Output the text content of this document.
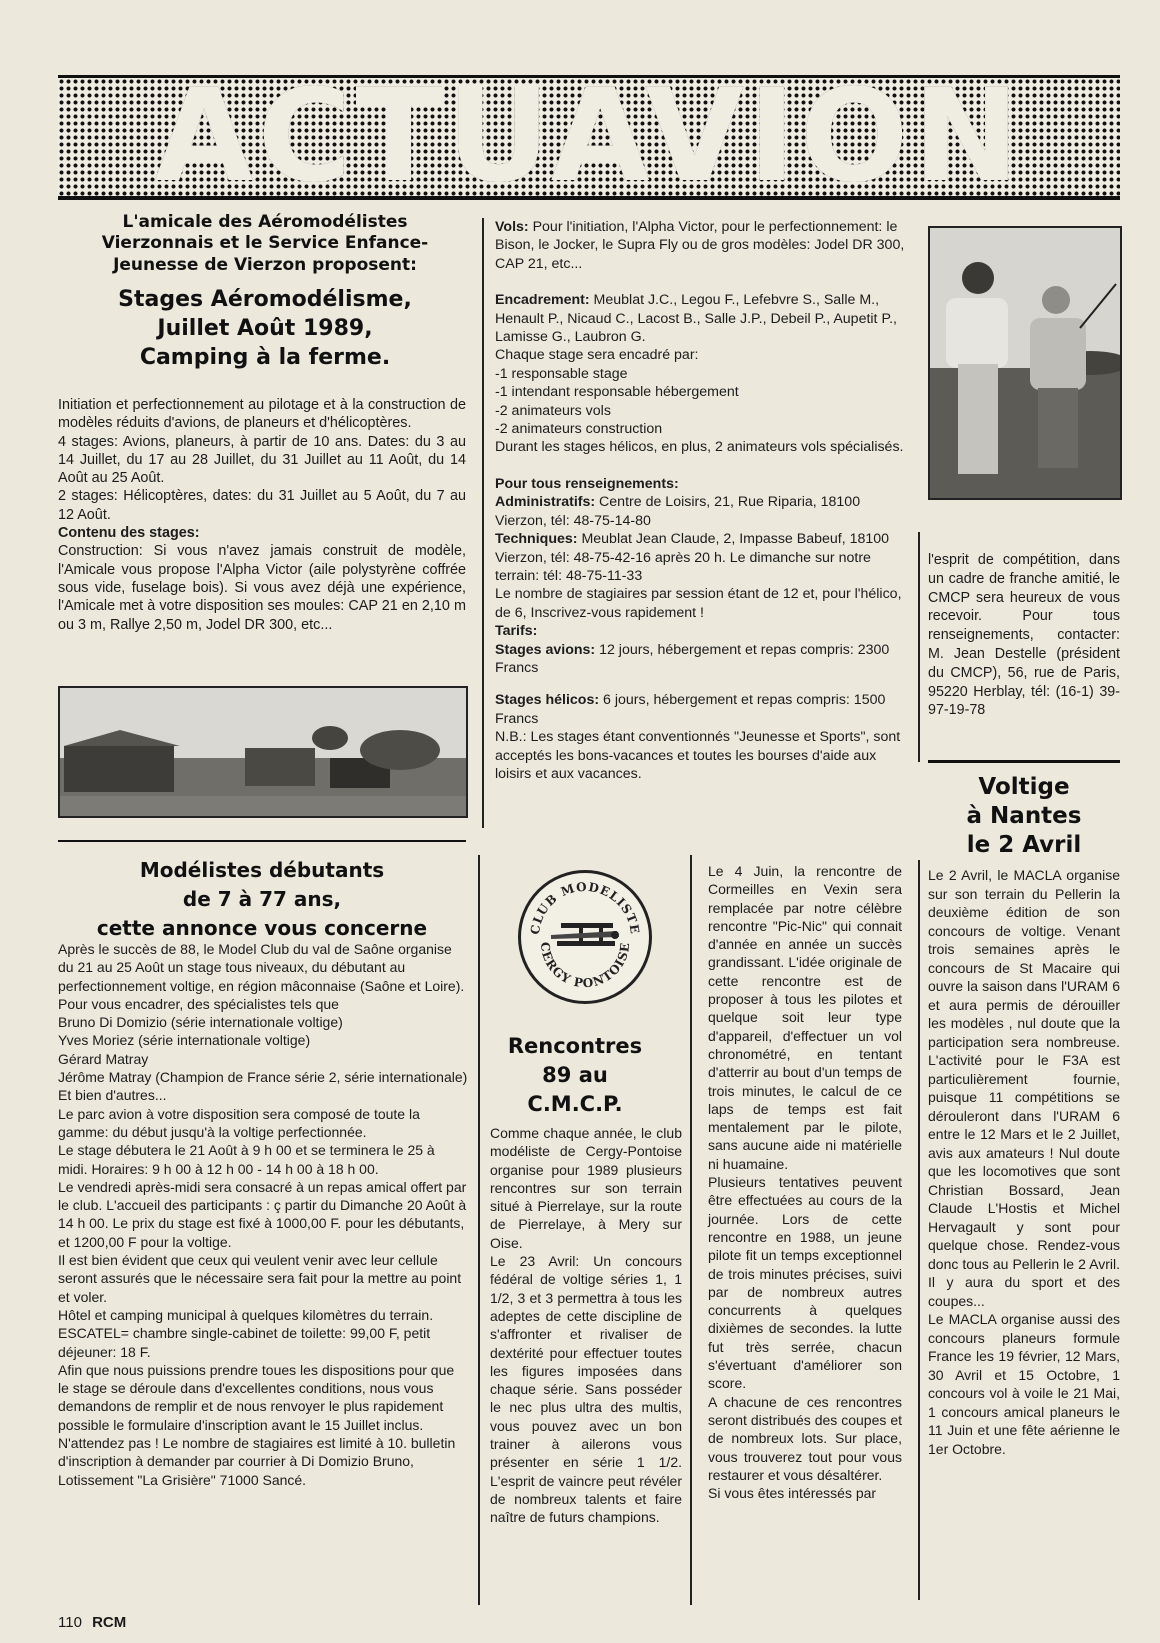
ACTUAVION
L'amicale des Aéromodélistes
Vierzonnais et le Service Enfance-
Jeunesse de Vierzon proposent:
Stages Aéromodélisme,
Juillet Août 1989,
Camping à la ferme.

Initiation et perfectionnement au pilotage et à la construction de modèles réduits d'avions, de planeurs et d'hélicoptères.

4 stages: Avions, planeurs, à partir de 10 ans. Dates: du 3 au 14 Juillet, du 17 au 28 Juillet, du 31 Juillet au 11 Août, du 14 Août au 25 Août.

2 stages: Hélicoptères, dates: du 31 Juillet au 5 Août, du 7 au 12 Août.

Contenu des stages:

Construction: Si vous n'avez jamais construit de modèle, l'Amicale vous propose l'Alpha Victor (aile polystyrène coffrée sous vide, fuselage bois). Si vous avez déjà une expérience, l'Amicale met à votre disposition ses moules: CAP 21 en 2,10 m ou 3 m, Rallye 2,50 m, Jodel DR 300, etc...

Vols: Pour l'initiation, l'Alpha Victor, pour le perfectionnement: le Bison, le Jocker, le Supra Fly ou de gros modèles: Jodel DR 300, CAP 21, etc...

Encadrement: Meublat J.C., Legou F., Lefebvre S., Salle M., Henault P., Nicaud C., Lacost B., Salle J.P., Debeil P., Aupetit P., Lamisse G., Laubron G.

Chaque stage sera encadré par:

-1 responsable stage

-1 intendant responsable hébergement

-2 animateurs vols

-2 animateurs construction

Durant les stages hélicos, en plus, 2 animateurs vols spécialisés.

Pour tous renseignements:

Administratifs: Centre de Loisirs, 21, Rue Riparia, 18100 Vierzon, tél: 48-75-14-80

Techniques: Meublat Jean Claude, 2, Impasse Babeuf, 18100 Vierzon, tél: 48-75-42-16 après 20 h. Le dimanche sur notre terrain: tél: 48-75-11-33

Le nombre de stagiaires par session étant de 12 et, pour l'hélico, de 6, Inscrivez-vous rapidement !

Tarifs:

Stages avions: 12 jours, hébergement et repas compris: 2300 Francs

Stages hélicos: 6 jours, hébergement et repas compris: 1500 Francs

N.B.: Les stages étant conventionnés "Jeunesse et Sports", sont acceptés les bons-vacances et toutes les bourses d'aide aux loisirs et aux vacances.

l'esprit de compétition, dans un cadre de franche amitié, le CMCP sera heureux de vous recevoir. Pour tous renseignements, contacter: M. Jean Destelle (président du CMCP), 56, rue de Paris, 95220 Herblay, tél: (16-1) 39-97-19-78
Voltige
à Nantes
le 2 Avril

Le 2 Avril, le MACLA organise sur son terrain du Pellerin la deuxième édition de son concours de voltige. Venant trois semaines après le concours de St Macaire qui ouvre la saison dans l'URAM 6 et aura permis de dérouiller les modèles , nul doute que la participation sera nombreuse. L'activité pour le F3A est particulièrement fournie, puisque 11 compétitions se dérouleront dans l'URAM 6 entre le 12 Mars et le 2 Juillet, avis aux amateurs ! Nul doute que les locomotives que sont Christian Bossard, Jean Claude L'Hostis et Michel Hervagault y sont pour quelque chose. Rendez-vous donc tous au Pellerin le 2 Avril. Il y aura du sport et des coupes...

Le MACLA organise aussi des concours planeurs formule France les 19 février, 12 Mars, 30 Avril et 15 Octobre, 1 concours vol à voile le 21 Mai, 1 concours amical planeurs le 11 Juin et une fête aérienne le 1er Octobre.

Modélistes débutants
de 7 à 77 ans,
cette annonce vous concerne

Après le succès de 88, le Model Club du val de Saône organise du 21 au 25 Août un stage tous niveaux, du débutant au perfectionnement voltige, en région mâconnaise (Saône et Loire).

Pour vous encadrer, des spécialistes tels que

Bruno Di Domizio (série internationale voltige)

Yves Moriez (série internationale voltige)

Gérard Matray

Jérôme Matray (Champion de France série 2, série internationale)

Et bien d'autres...

Le parc avion à votre disposition sera composé de toute la gamme: du début jusqu'à la voltige perfectionnée.

Le stage débutera le 21 Août à 9 h 00 et se terminera le 25 à midi. Horaires: 9 h 00 à 12 h 00 - 14 h 00 à 18 h 00.

Le vendredi après-midi sera consacré à un repas amical offert par le club. L'accueil des participants : ç partir du Dimanche 20 Août à 14 h 00. Le prix du stage est fixé à 1000,00 F. pour les débutants, et 1200,00 F pour la voltige.

Il est bien évident que ceux qui veulent venir avec leur cellule seront assurés que le nécessaire sera fait pour la mettre au point et voler.

Hôtel et camping municipal à quelques kilomètres du terrain.

ESCATEL= chambre single-cabinet de toilette: 99,00 F, petit déjeuner: 18 F.

Afin que nous puissions prendre toues les dispositions pour que le stage se déroule dans d'excellentes conditions, nous vous demandons de remplir et de nous renvoyer le plus rapidement possible le formulaire d'inscription avant le 15 Juillet inclus. N'attendez pas ! Le nombre de stagiaires est limité à 10. bulletin d'inscription à demander par courrier à Di Domizio Bruno, Lotissement "La Grisière" 71000 Sancé.

CLUB MODELISTE
CERGY PONTOISE
Rencontres
89 au
C.M.C.P.

Comme chaque année, le club modéliste de Cergy-Pontoise organise pour 1989 plusieurs rencontres sur son terrain situé à Pierrelaye, sur la route de Pierrelaye, à Mery sur Oise.

Le 23 Avril: Un concours fédéral de voltige séries 1, 1 1/2, 3 et 3 permettra à tous les adeptes de cette discipline de s'affronter et rivaliser de dextérité pour effectuer toutes les figures imposées dans chaque série. Sans posséder le nec plus ultra des multis, vous pouvez avec un bon trainer à ailerons vous présenter en série 1 1/2. L'esprit de vaincre peut révéler de nombreux talents et faire naître de futurs champions.

Le 4 Juin, la rencontre de Cormeilles en Vexin sera remplacée par notre célèbre rencontre "Pic-Nic" qui connait d'année en année un succès grandissant. L'idée originale de cette rencontre est de proposer à tous les pilotes et quelque soit leur type d'appareil, d'effectuer un vol chronométré, en tentant d'atterrir au bout d'un temps de trois minutes, le calcul de ce laps de temps est fait mentalement par le pilote, sans aucune aide ni matérielle ni huamaine.

Plusieurs tentatives peuvent être effectuées au cours de la journée. Lors de cette rencontre en 1988, un jeune pilote fit un temps exceptionnel de trois minutes précises, suivi par de nombreux autres concurrents à quelques dixièmes de secondes. la lutte fut très serrée, chacun s'évertuant d'améliorer son score.

A chacune de ces rencontres seront distribués des coupes et de nombreux lots. Sur place, vous trouverez tout pour vous restaurer et vous désaltérer.

Si vous êtes intéressés par

110 RCM
